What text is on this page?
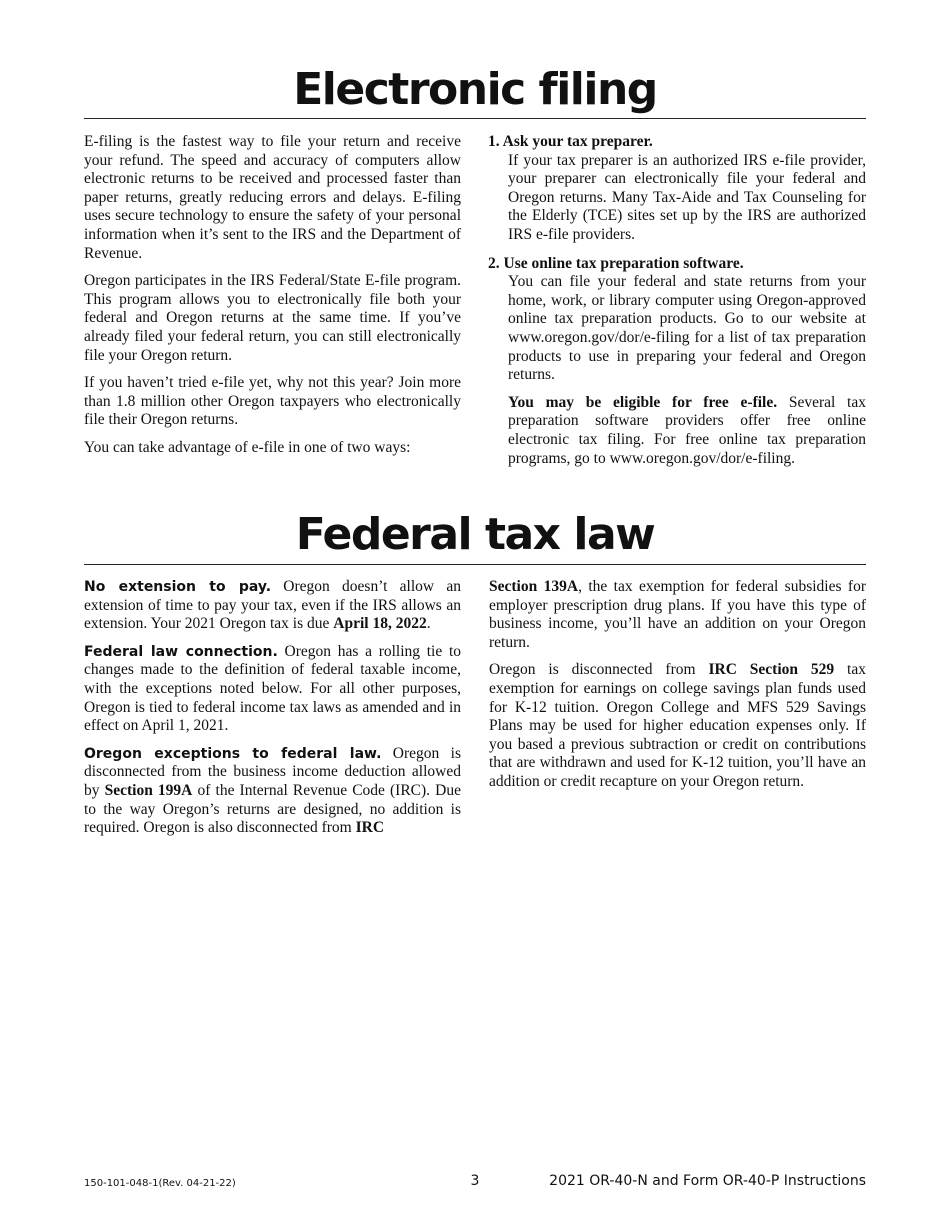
Electronic filing

E-filing is the fastest way to file your return and receive your refund. The speed and accuracy of computers allow electronic returns to be received and processed faster than paper returns, greatly reducing errors and delays. E-filing uses secure technology to ensure the safety of your personal information when it’s sent to the IRS and the Department of Revenue.

Oregon participates in the IRS Federal/State E-file program. This program allows you to electronically file both your federal and Oregon returns at the same time. If you’ve already filed your federal return, you can still electronically file your Oregon return.

If you haven’t tried e-file yet, why not this year? Join more than 1.8 million other Oregon taxpayers who electronically file their Oregon returns.

You can take advantage of e-file in one of two ways:

1. Ask your tax preparer.

If your tax preparer is an authorized IRS e-file provider, your preparer can electronically file your federal and Oregon returns. Many Tax-Aide and Tax Counseling for the Elderly (TCE) sites set up by the IRS are authorized IRS e-file providers.

2. Use online tax preparation software.

You can file your federal and state returns from your home, work, or library computer using Oregon-approved online tax preparation products. Go to our website at www.oregon.gov/dor/e-filing for a list of tax preparation products to use in preparing your federal and Oregon returns.

You may be eligible for free e-file. Several tax preparation software providers offer free online electronic tax filing. For free online tax preparation programs, go to www.oregon.gov/dor/e-filing.

Federal tax law

No extension to pay. Oregon doesn’t allow an extension of time to pay your tax, even if the IRS allows an extension. Your 2021 Oregon tax is due April 18, 2022.

Federal law connection. Oregon has a rolling tie to changes made to the definition of federal taxable income, with the exceptions noted below. For all other purposes, Oregon is tied to federal income tax laws as amended and in effect on April 1, 2021.

Oregon exceptions to federal law. Oregon is disconnected from the business income deduction allowed by Section 199A of the Internal Revenue Code (IRC). Due to the way Oregon’s returns are designed, no addition is required. Oregon is also disconnected from IRC

Section 139A, the tax exemption for federal subsidies for employer prescription drug plans. If you have this type of business income, you’ll have an addition on your Oregon return.

Oregon is disconnected from IRC Section 529 tax exemption for earnings on college savings plan funds used for K-12 tuition. Oregon College and MFS 529 Savings Plans may be used for higher education expenses only. If you based a previous subtraction or credit on contributions that are withdrawn and used for K-12 tuition, you’ll have an addition or credit recapture on your Oregon return.

150-101-048-1(Rev. 04-21-22)	3	2021 OR-40-N and Form OR-40-P Instructions
